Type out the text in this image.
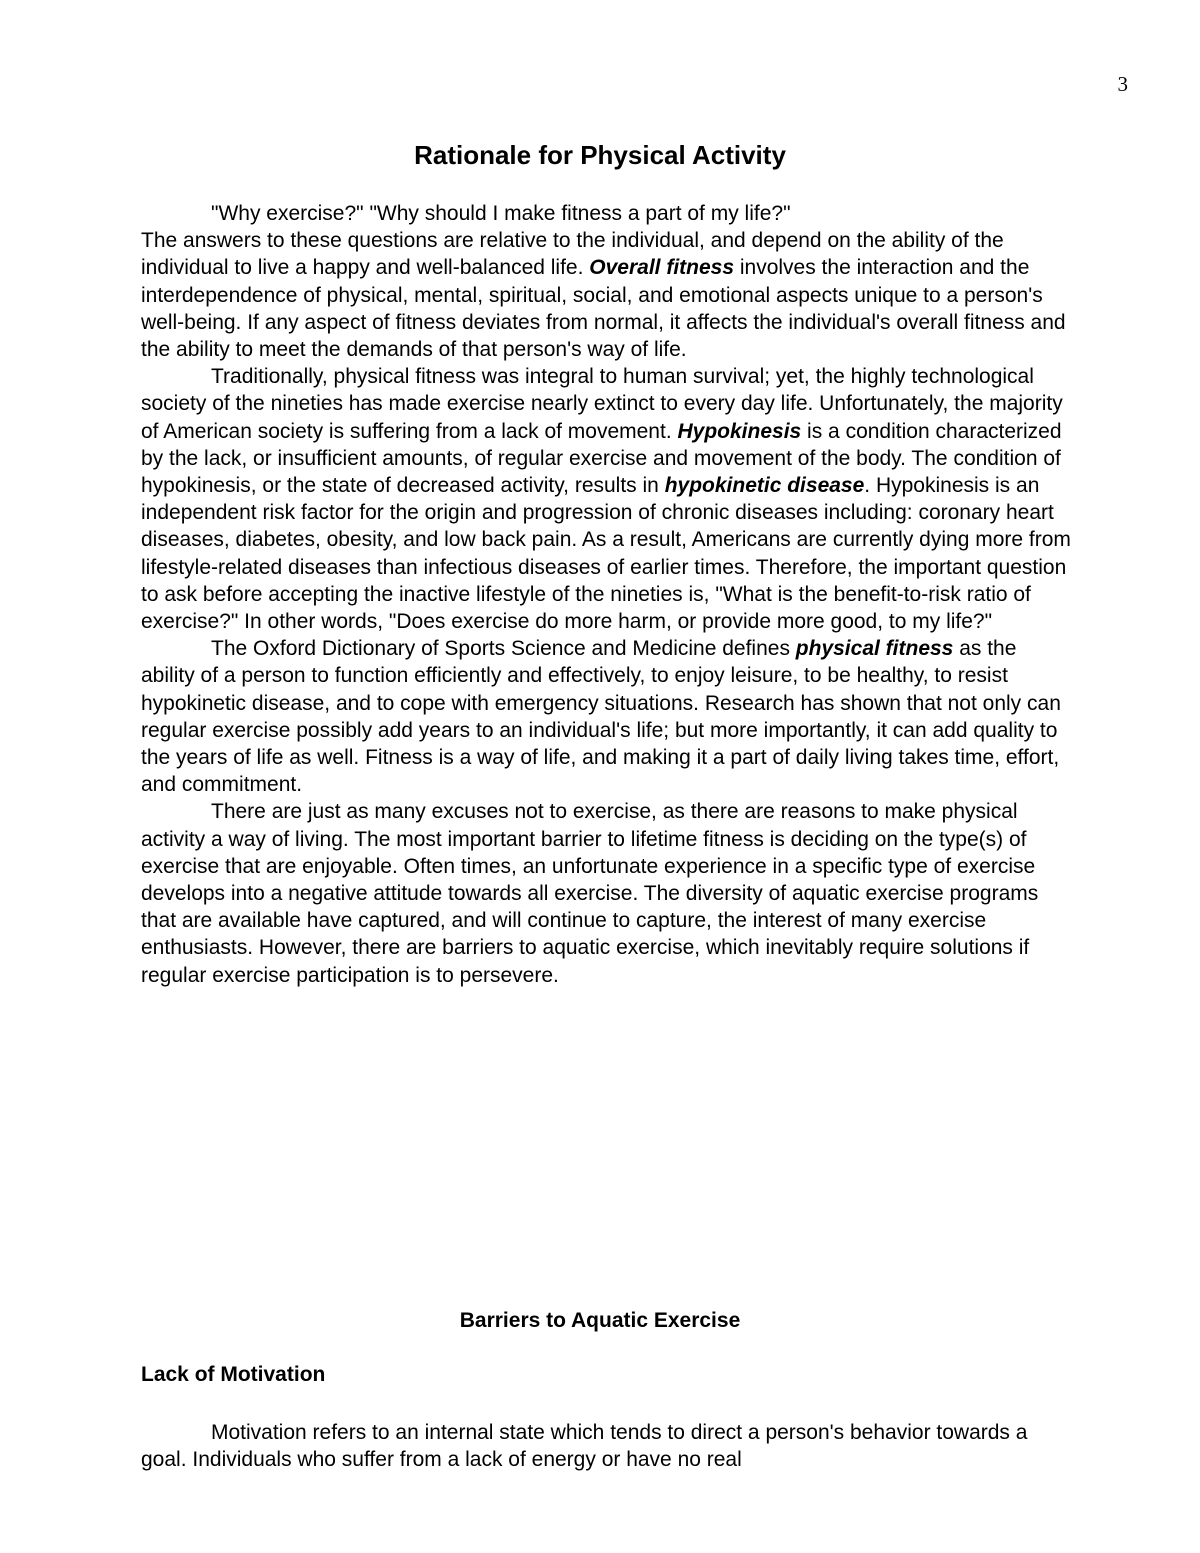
3
Rationale for Physical Activity

"Why exercise?" "Why should I make fitness a part of my life?"

The answers to these questions are relative to the individual, and depend on the ability of the individual to live a happy and well-balanced life. Overall fitness involves the interaction and the interdependence of physical, mental, spiritual, social, and emotional aspects unique to a person's well-being. If any aspect of fitness deviates from normal, it affects the individual's overall fitness and the ability to meet the demands of that person's way of life.

Traditionally, physical fitness was integral to human survival; yet, the highly technological society of the nineties has made exercise nearly extinct to every day life. Unfortunately, the majority of American society is suffering from a lack of movement. Hypokinesis is a condition characterized by the lack, or insufficient amounts, of regular exercise and movement of the body. The condition of hypokinesis, or the state of decreased activity, results in hypokinetic disease. Hypokinesis is an independent risk factor for the origin and progression of chronic diseases including: coronary heart diseases, diabetes, obesity, and low back pain. As a result, Americans are currently dying more from lifestyle-related diseases than infectious diseases of earlier times. Therefore, the important question to ask before accepting the inactive lifestyle of the nineties is, "What is the benefit-to-risk ratio of exercise?" In other words, "Does exercise do more harm, or provide more good, to my life?"

The Oxford Dictionary of Sports Science and Medicine defines physical fitness as the ability of a person to function efficiently and effectively, to enjoy leisure, to be healthy, to resist hypokinetic disease, and to cope with emergency situations. Research has shown that not only can regular exercise possibly add years to an individual's life; but more importantly, it can add quality to the years of life as well. Fitness is a way of life, and making it a part of daily living takes time, effort, and commitment.

There are just as many excuses not to exercise, as there are reasons to make physical activity a way of living. The most important barrier to lifetime fitness is deciding on the type(s) of exercise that are enjoyable. Often times, an unfortunate experience in a specific type of exercise develops into a negative attitude towards all exercise. The diversity of aquatic exercise programs that are available have captured, and will continue to capture, the interest of many exercise enthusiasts. However, there are barriers to aquatic exercise, which inevitably require solutions if regular exercise participation is to persevere.

Barriers to Aquatic Exercise
Lack of Motivation

Motivation refers to an internal state which tends to direct a person's behavior towards a goal. Individuals who suffer from a lack of energy or have no real
